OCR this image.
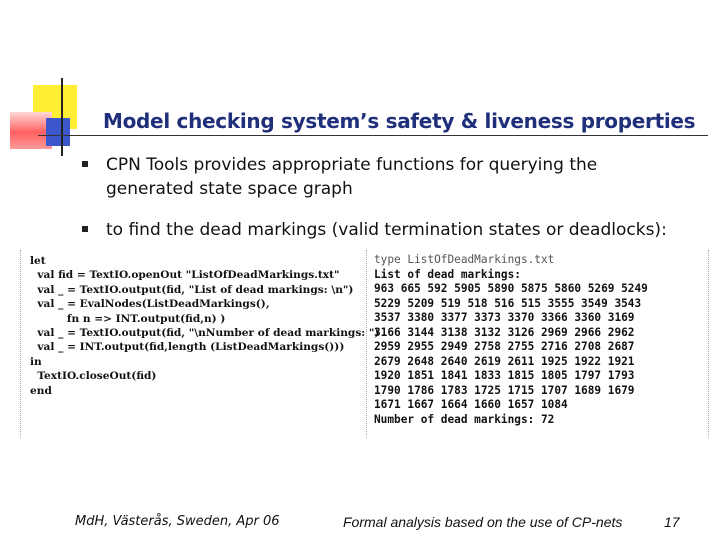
Model checking system’s safety & liveness properties
CPN Tools provides appropriate functions for querying the generated state space graph
to find the dead markings (valid termination states or deadlocks):
let
val fid = TextIO.openOut "ListOfDeadMarkings.txt"
val _ = TextIO.output(fid, "List of dead markings: \n")
val _ = EvalNodes(ListDeadMarkings(),
fn n => INT.output(fid,n) )
val _ = TextIO.output(fid, "\nNumber of dead markings: ")
val _ = INT.output(fid,length (ListDeadMarkings()))
in
TextIO.closeOut(fid)
end
type ListOfDeadMarkings.txt
List of dead markings:
963 665 592 5905 5890 5875 5860 5269 5249
5229 5209 519 518 516 515 3555 3549 3543
3537 3380 3377 3373 3370 3366 3360 3169
3166 3144 3138 3132 3126 2969 2966 2962
2959 2955 2949 2758 2755 2716 2708 2687
2679 2648 2640 2619 2611 1925 1922 1921
1920 1851 1841 1833 1815 1805 1797 1793
1790 1786 1783 1725 1715 1707 1689 1679
1671 1667 1664 1660 1657 1084
Number of dead markings: 72
MdH, Västerås, Sweden, Apr 06	Formal analysis based on the use of CP-nets	17
